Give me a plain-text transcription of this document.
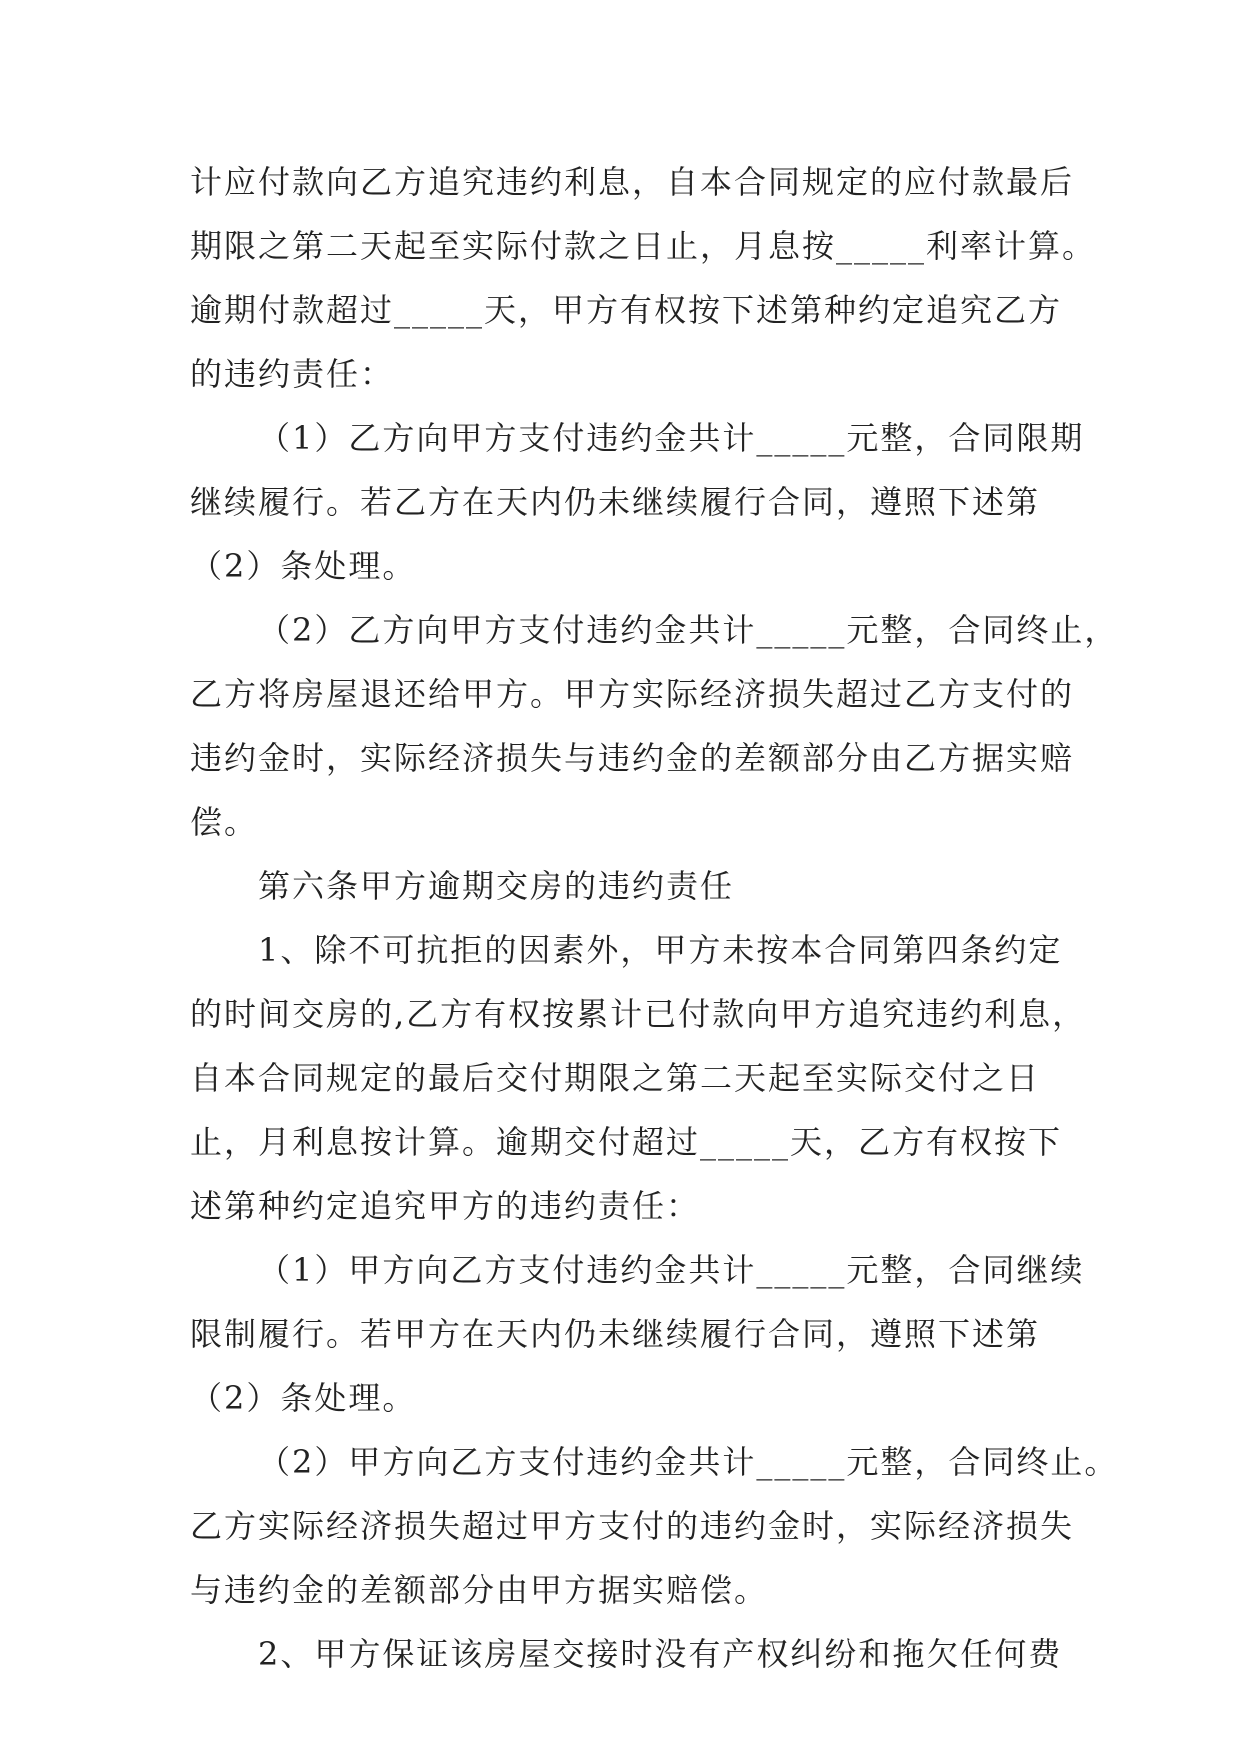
计应付款向乙方追究违约利息，自本合同规定的应付款最后
期限之第二天起至实际付款之日止，月息按_____利率计算。
逾期付款超过_____天，甲方有权按下述第种约定追究乙方
的违约责任：
（1）乙方向甲方支付违约金共计_____元整，合同限期
继续履行。若乙方在天内仍未继续履行合同，遵照下述第
（2）条处理。
（2）乙方向甲方支付违约金共计_____元整，合同终止，
乙方将房屋退还给甲方。甲方实际经济损失超过乙方支付的
违约金时，实际经济损失与违约金的差额部分由乙方据实赔
偿。
第六条甲方逾期交房的违约责任
1、除不可抗拒的因素外，甲方未按本合同第四条约定
的时间交房的,乙方有权按累计已付款向甲方追究违约利息，
自本合同规定的最后交付期限之第二天起至实际交付之日
止，月利息按计算。逾期交付超过_____天，乙方有权按下
述第种约定追究甲方的违约责任：
（1）甲方向乙方支付违约金共计_____元整，合同继续
限制履行。若甲方在天内仍未继续履行合同，遵照下述第
（2）条处理。
（2）甲方向乙方支付违约金共计_____元整，合同终止。
乙方实际经济损失超过甲方支付的违约金时，实际经济损失
与违约金的差额部分由甲方据实赔偿。
2、甲方保证该房屋交接时没有产权纠纷和拖欠任何费
